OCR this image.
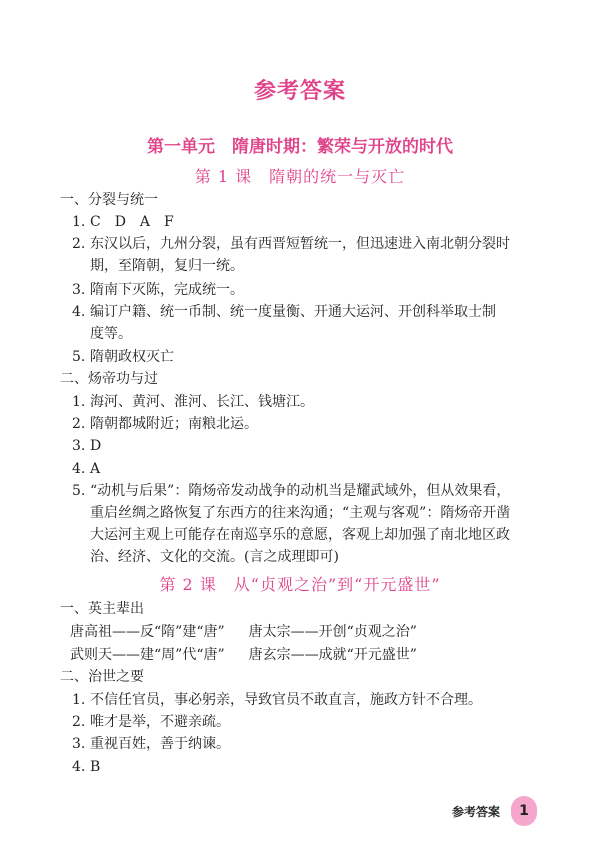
参考答案
第一单元　隋唐时期：繁荣与开放的时代
第 1 课　隋朝的统一与灭亡
一、分裂与统一
1. C　D　A　F
2. 东汉以后，九州分裂，虽有西晋短暂统一，但迅速进入南北朝分裂时
期，至隋朝，复归一统。
3. 隋南下灭陈，完成统一。
4. 编订户籍、统一币制、统一度量衡、开通大运河、开创科举取士制
度等。
5. 隋朝政权灭亡
二、炀帝功与过
1. 海河、黄河、淮河、长江、钱塘江。
2. 隋朝都城附近；南粮北运。
3. D
4. A
5. “动机与后果”：隋炀帝发动战争的动机当是耀武域外，但从效果看，
重启丝绸之路恢复了东西方的往来沟通；“主观与客观”：隋炀帝开凿
大运河主观上可能存在南巡享乐的意愿，客观上却加强了南北地区政
治、经济、文化的交流。(言之成理即可)
第 2 课　从“贞观之治”到“开元盛世”
一、英主辈出
唐高祖——反“隋”建“唐” 唐太宗——开创“贞观之治”
武则天——建“周”代“唐” 唐玄宗——成就“开元盛世”
二、治世之要
1. 不信任官员，事必躬亲，导致官员不敢直言，施政方针不合理。
2. 唯才是举，不避亲疏。
3. 重视百姓，善于纳谏。
4. B
参考答案	1
